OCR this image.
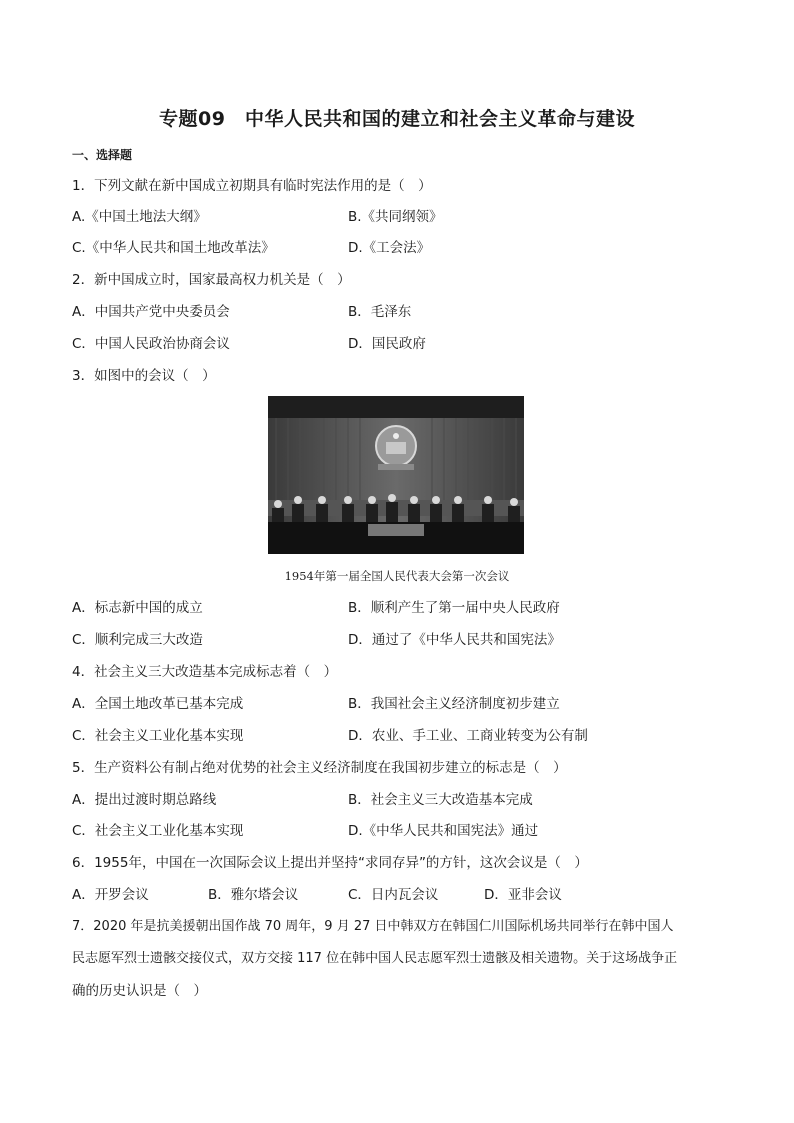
专题09　中华人民共和国的建立和社会主义革命与建设
一、选择题
1．下列文献在新中国成立初期具有临时宪法作用的是（　）
A.《中国土地法大纲》	B.《共同纲领》
C.《中华人民共和国土地改革法》	D.《工会法》
2．新中国成立时，国家最高权力机关是（　）
A．中国共产党中央委员会	B．毛泽东
C．中国人民政治协商会议	D．国民政府
3．如图中的会议（　）
1954年第一届全国人民代表大会第一次会议
A．标志新中国的成立	B．顺利产生了第一届中央人民政府
C．顺利完成三大改造	D．通过了《中华人民共和国宪法》
4．社会主义三大改造基本完成标志着（　）
A．全国土地改革已基本完成	B．我国社会主义经济制度初步建立
C．社会主义工业化基本实现	D．农业、手工业、工商业转变为公有制
5．生产资料公有制占绝对优势的社会主义经济制度在我国初步建立的标志是（　）
A．提出过渡时期总路线	B．社会主义三大改造基本完成
C．社会主义工业化基本实现	D.《中华人民共和国宪法》通过
6．1955年，中国在一次国际会议上提出并坚持“求同存异”的方针，这次会议是（　）
A．开罗会议	B．雅尔塔会议	C．日内瓦会议	D．亚非会议
7．2020 年是抗美援朝出国作战 70 周年，9 月 27 日中韩双方在韩国仁川国际机场共同举行在韩中国人
民志愿军烈士遗骸交接仪式，双方交接 117 位在韩中国人民志愿军烈士遗骸及相关遗物。关于这场战争正
确的历史认识是（　）
